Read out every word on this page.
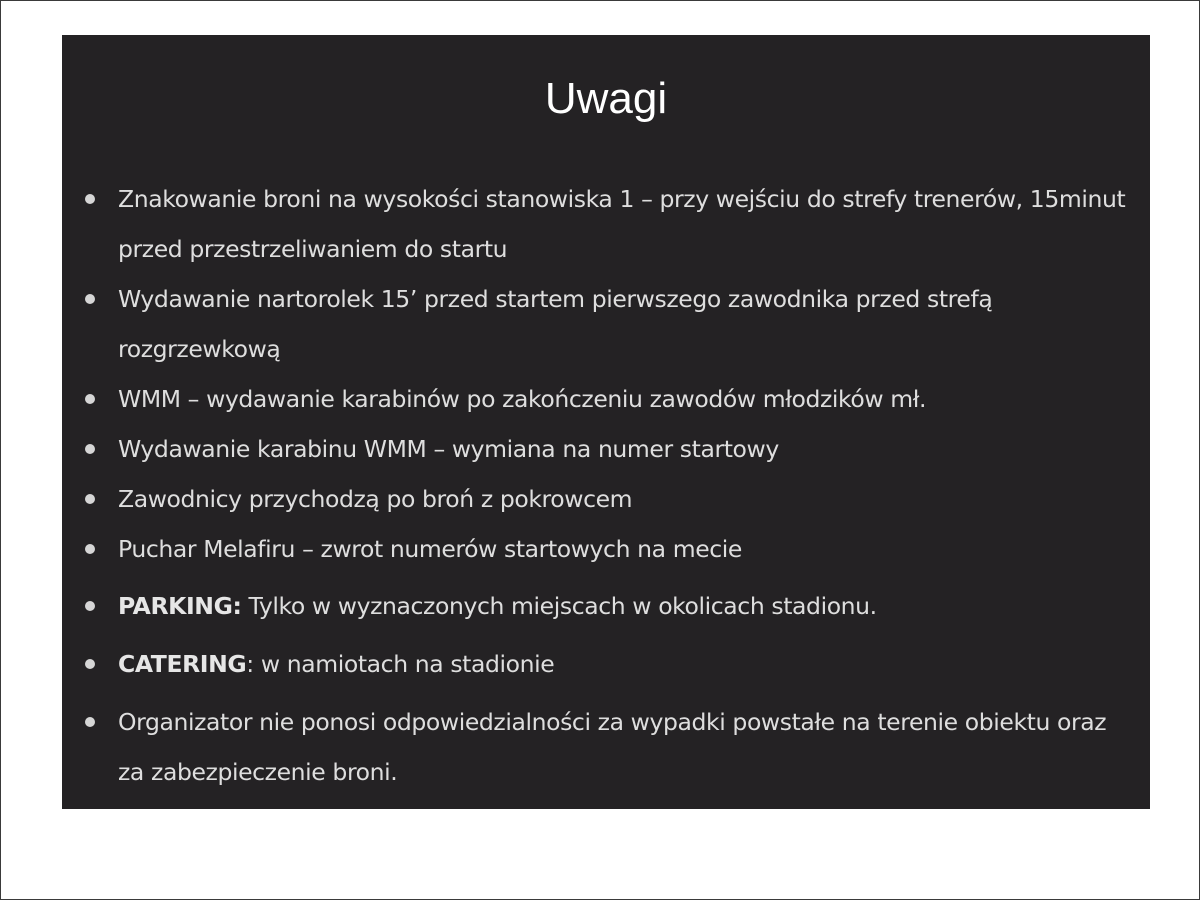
Uwagi
Znakowanie broni na wysokości stanowiska 1 – przy wejściu do strefy trenerów, 15minut przed przestrzeliwaniem do startu
Wydawanie nartorolek 15’ przed startem pierwszego zawodnika przed strefą rozgrzewkową
WMM – wydawanie karabinów po zakończeniu zawodów młodzików mł.
Wydawanie karabinu WMM – wymiana na numer startowy
Zawodnicy przychodzą po broń z pokrowcem
Puchar Melafiru – zwrot numerów startowych na mecie
PARKING: Tylko w wyznaczonych miejscach w okolicach stadionu.
CATERING: w namiotach na stadionie
Organizator nie ponosi odpowiedzialności za wypadki powstałe na terenie obiektu oraz za zabezpieczenie broni.
